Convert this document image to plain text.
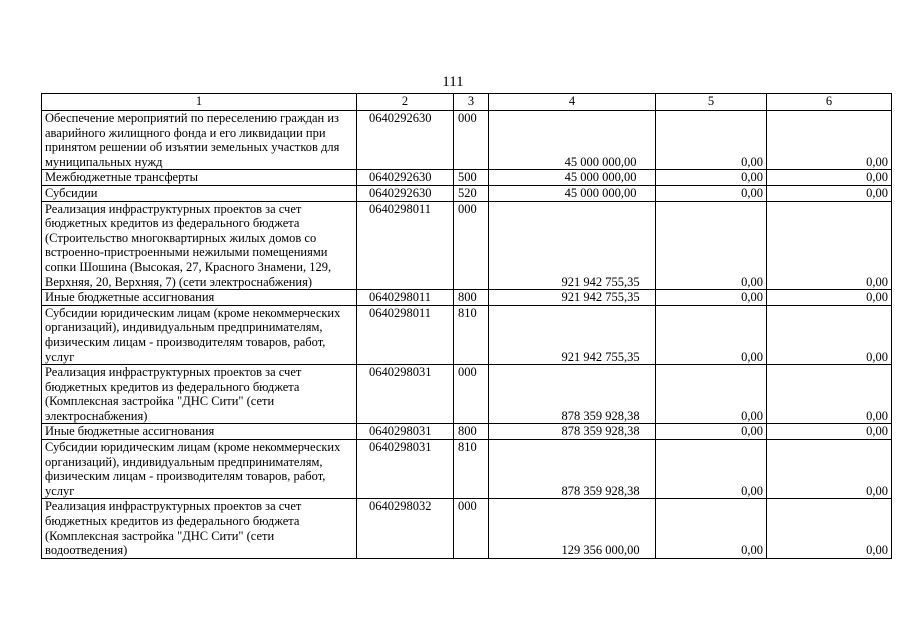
111
1	2	3	4	5	6
Обеспечение мероприятий по переселению граждан из аварийного жилищного фонда и его ликвидации при принятом решении об изъятии земельных участков для муниципальных нужд	0640292630	000	45 000 000,00	0,00	0,00
Межбюджетные трансферты	0640292630	500	45 000 000,00	0,00	0,00
Субсидии	0640292630	520	45 000 000,00	0,00	0,00
Реализация инфраструктурных проектов за счет бюджетных кредитов из федерального бюджета (Строительство многоквартирных жилых домов со встроенно-пристроенными нежилыми помещениями сопки Шошина (Высокая, 27, Красного Знамени, 129, Верхняя, 20, Верхняя, 7) (сети электроснабжения)	0640298011	000	921 942 755,35	0,00	0,00
Иные бюджетные ассигнования	0640298011	800	921 942 755,35	0,00	0,00
Субсидии юридическим лицам (кроме некоммерческих организаций), индивидуальным предпринимателям, физическим лицам - производителям товаров, работ, услуг	0640298011	810	921 942 755,35	0,00	0,00
Реализация инфраструктурных проектов за счет бюджетных кредитов из федерального бюджета (Комплексная застройка "ДНС Сити" (сети электроснабжения)	0640298031	000	878 359 928,38	0,00	0,00
Иные бюджетные ассигнования	0640298031	800	878 359 928,38	0,00	0,00
Субсидии юридическим лицам (кроме некоммерческих организаций), индивидуальным предпринимателям, физическим лицам - производителям товаров, работ, услуг	0640298031	810	878 359 928,38	0,00	0,00
Реализация инфраструктурных проектов за счет бюджетных кредитов из федерального бюджета (Комплексная застройка "ДНС Сити" (сети водоотведения)	0640298032	000	129 356 000,00	0,00	0,00
